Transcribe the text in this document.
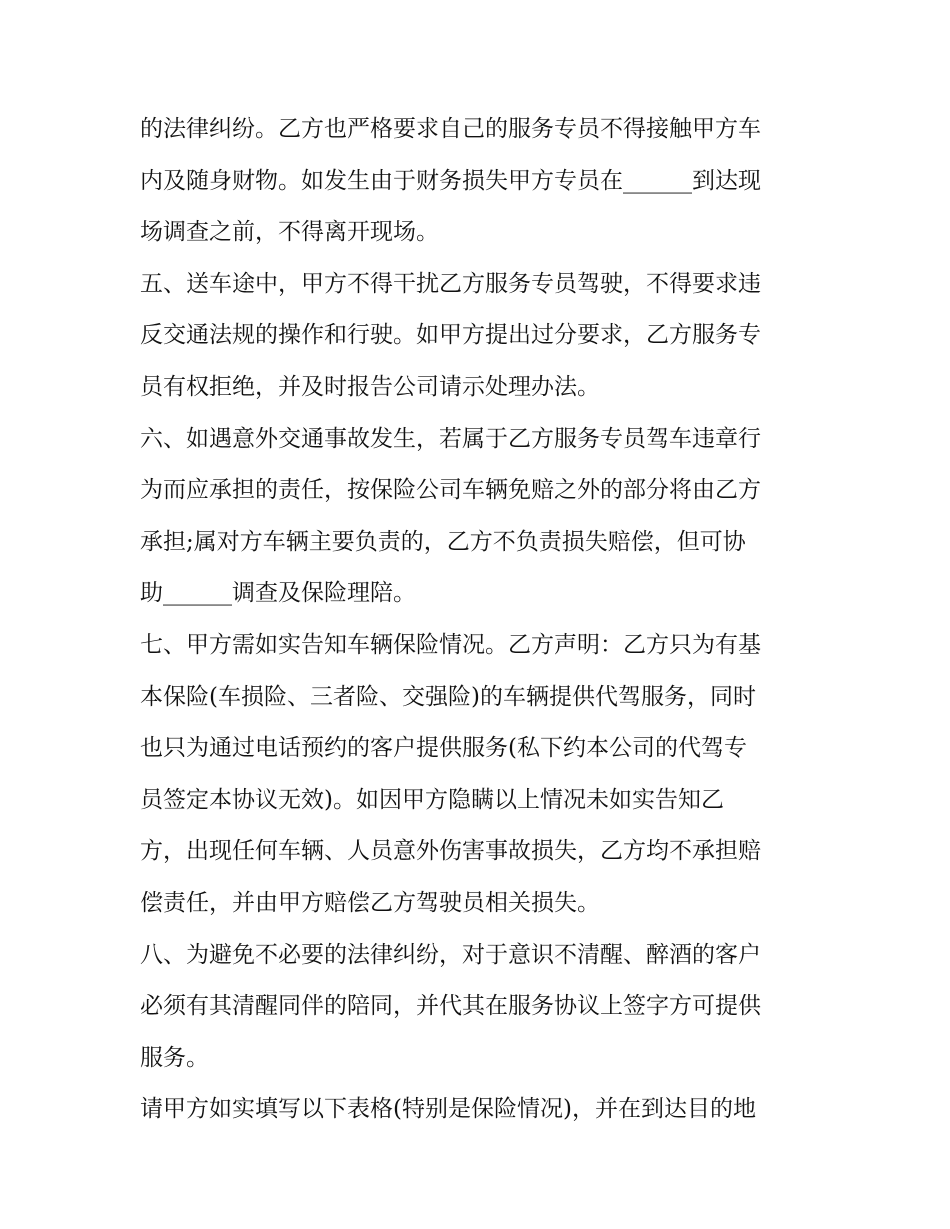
的法律纠纷。乙方也严格要求自己的服务专员不得接触甲方车
内及随身财物。如发生由于财务损失甲方专员在______到达现
场调查之前，不得离开现场。
五、送车途中，甲方不得干扰乙方服务专员驾驶，不得要求违
反交通法规的操作和行驶。如甲方提出过分要求，乙方服务专
员有权拒绝，并及时报告公司请示处理办法。
六、如遇意外交通事故发生，若属于乙方服务专员驾车违章行
为而应承担的责任，按保险公司车辆免赔之外的部分将由乙方
承担;属对方车辆主要负责的，乙方不负责损失赔偿，但可协
助______调查及保险理陪。
七、甲方需如实告知车辆保险情况。乙方声明：乙方只为有基
本保险(车损险、三者险、交强险)的车辆提供代驾服务，同时
也只为通过电话预约的客户提供服务(私下约本公司的代驾专
员签定本协议无效)。如因甲方隐瞒以上情况未如实告知乙
方，出现任何车辆、人员意外伤害事故损失，乙方均不承担赔
偿责任，并由甲方赔偿乙方驾驶员相关损失。
八、为避免不必要的法律纠纷，对于意识不清醒、醉酒的客户
必须有其清醒同伴的陪同，并代其在服务协议上签字方可提供
服务。
请甲方如实填写以下表格(特别是保险情况)，并在到达目的地
